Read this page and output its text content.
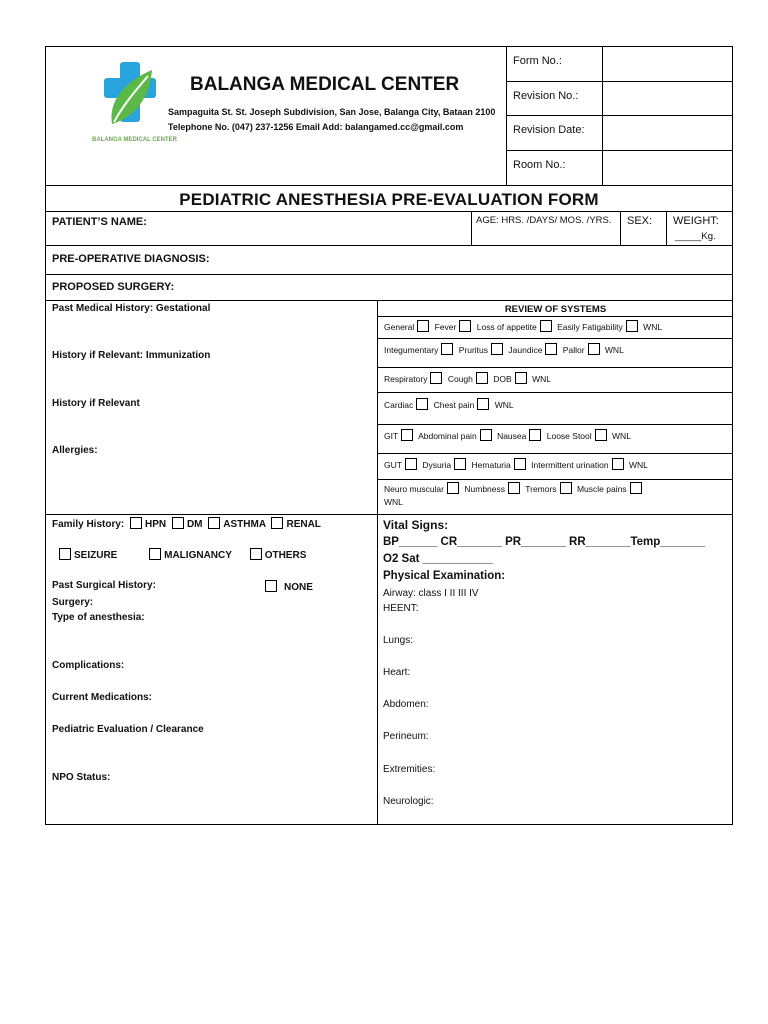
BALANGA MEDICAL CENTER
BALANGA MEDICAL CENTER
Sampaguita St. St. Joseph Subdivision, San Jose, Balanga City, Bataan 2100
Telephone No. (047) 237-1256 Email Add: balangamed.cc@gmail.com
Form No.:
Revision No.:
Revision Date:
Room No.:
PEDIATRIC ANESTHESIA PRE-EVALUATION FORM
PATIENT’S NAME:	AGE: HRS. /DAYS/ MOS. /YRS. SEX: WEIGHT:
_____Kg.
PRE-OPERATIVE DIAGNOSIS:
PROPOSED SURGERY:
Past Medical History: Gestational
History if Relevant: Immunization
History if Relevant
Allergies:
REVIEW OF SYSTEMS
General Fever Loss of appetite Easily Fatigability WNL
Integumentary Pruritus Jaundice Pallor WNL
Respiratory Cough DOB WNL
Cardiac Chest pain WNL
GIT Abdominal pain Nausea Loose Stool WNL
GUT Dysuria Hematuria Intermittent urination WNL
Neuro muscular Numbness Tremors Muscle pains
WNL
Family History: HPN DM ASTHMA RENAL
SEIZURE	MALIGNANCY	OTHERS
Past Surgical History:	NONE
Surgery:
Type of anesthesia:
Complications:
Current Medications:
Pediatric Evaluation / Clearance
NPO Status:
Vital Signs:
BP______ CR_______ PR_______ RR_______Temp_______
O2 Sat ___________
Physical Examination:
Airway: class I II III IV
HEENT:
Lungs:
Heart:
Abdomen:
Perineum:
Extremities:
Neurologic:
